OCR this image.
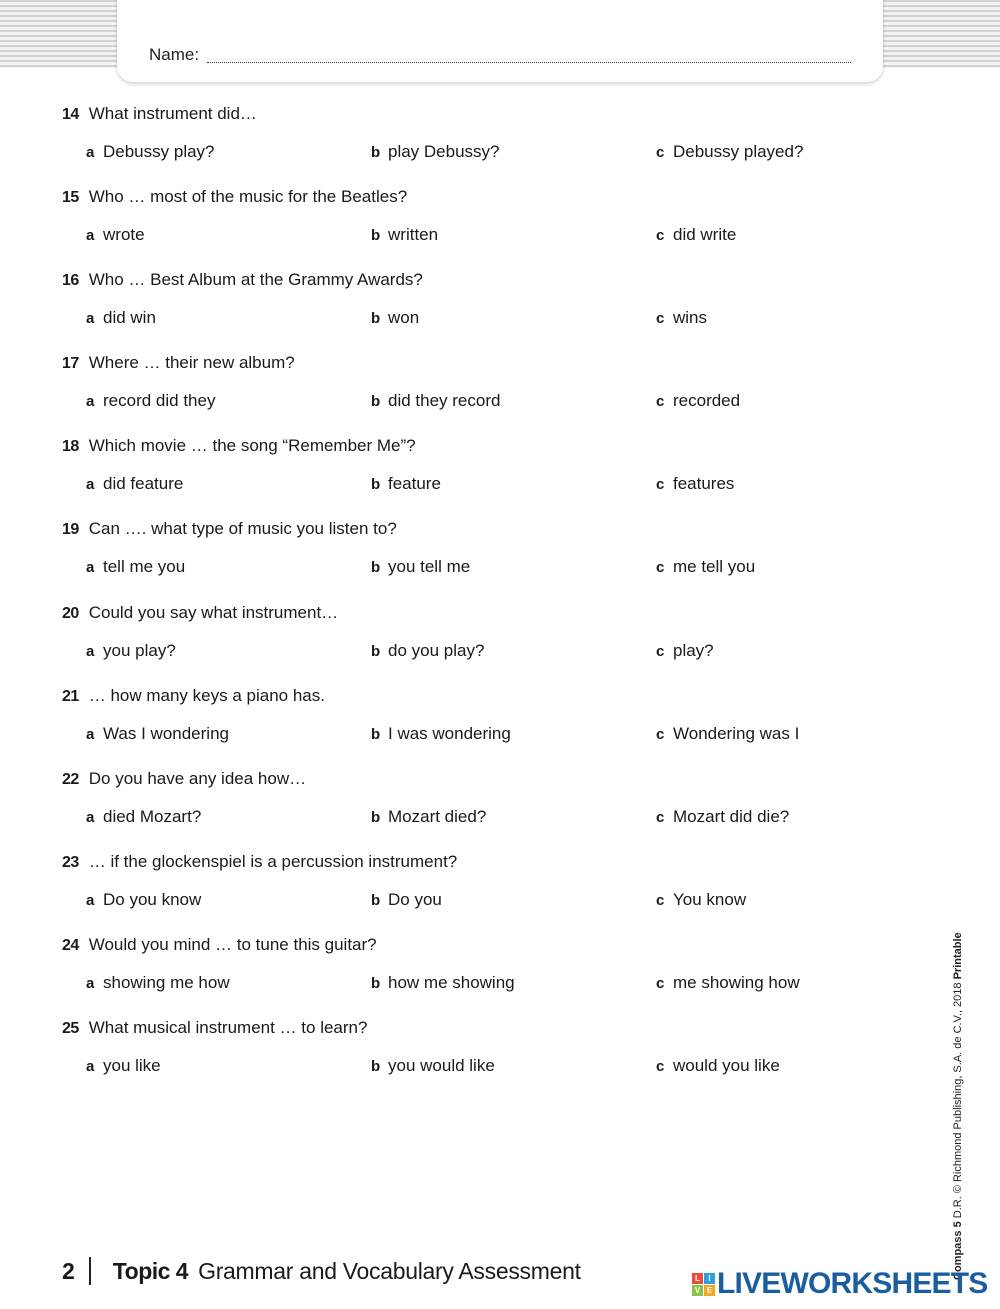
Name:
14 What instrument did…
a Debussy play?	b play Debussy?	c Debussy played?
15 Who … most of the music for the Beatles?
a wrote	b written	c did write
16 Who … Best Album at the Grammy Awards?
a did win	b won	c wins
17 Where … their new album?
a record did they	b did they record	c recorded
18 Which movie … the song “Remember Me”?
a did feature	b feature	c features
19 Can …. what type of music you listen to?
a tell me you	b you tell me	c me tell you
20 Could you say what instrument…
a you play?	b do you play?	c play?
21 … how many keys a piano has.
a Was I wondering	b I was wondering	c Wondering was I
22 Do you have any idea how…
a died Mozart?	b Mozart died?	c Mozart did die?
23 … if the glockenspiel is a percussion instrument?
a Do you know	b Do you	c You know
24 Would you mind … to tune this guitar?
a showing me how	b how me showing	c me showing how
25 What musical instrument … to learn?
a you like	b you would like	c would you like
Compass 5 D.R. © Richmond Publishing, S.A. de C.V., 2018 Printable
2 Topic 4 Grammar and Vocabulary Assessment	L	I
V E LIVEWORKSHEETS
